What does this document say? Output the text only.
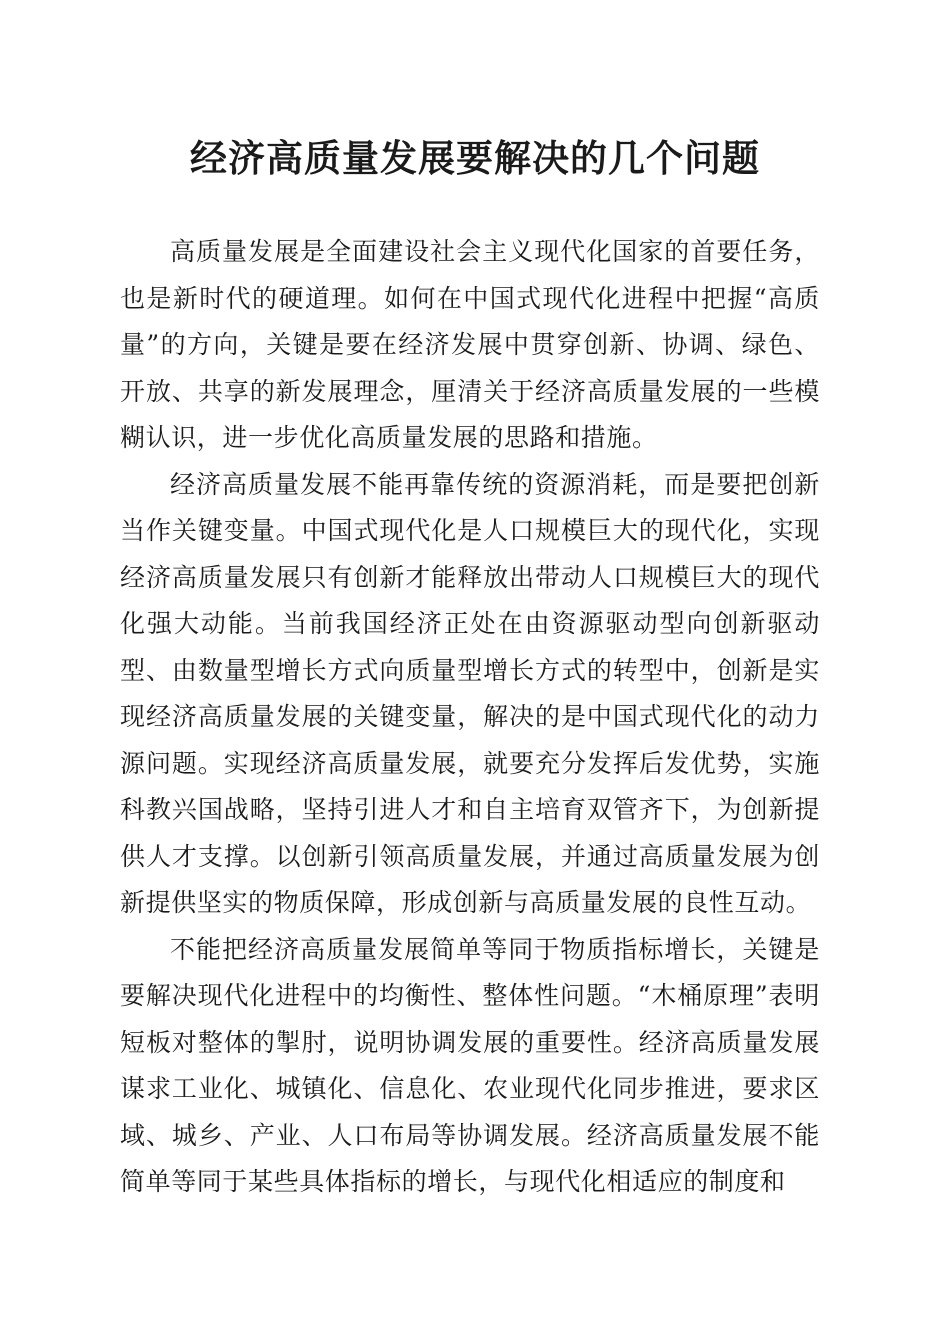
经济高质量发展要解决的几个问题

高质量发展是全面建设社会主义现代化国家的首要任务，也是新时代的硬道理。如何在中国式现代化进程中把握“高质量”的方向，关键是要在经济发展中贯穿创新、协调、绿色、开放、共享的新发展理念，厘清关于经济高质量发展的一些模糊认识，进一步优化高质量发展的思路和措施。

经济高质量发展不能再靠传统的资源消耗，而是要把创新当作关键变量。中国式现代化是人口规模巨大的现代化，实现经济高质量发展只有创新才能释放出带动人口规模巨大的现代化强大动能。当前我国经济正处在由资源驱动型向创新驱动型、由数量型增长方式向质量型增长方式的转型中，创新是实现经济高质量发展的关键变量，解决的是中国式现代化的动力源问题。实现经济高质量发展，就要充分发挥后发优势，实施科教兴国战略，坚持引进人才和自主培育双管齐下，为创新提供人才支撑。以创新引领高质量发展，并通过高质量发展为创新提供坚实的物质保障，形成创新与高质量发展的良性互动。

不能把经济高质量发展简单等同于物质指标增长，关键是要解决现代化进程中的均衡性、整体性问题。“木桶原理”表明短板对整体的掣肘，说明协调发展的重要性。经济高质量发展谋求工业化、城镇化、信息化、农业现代化同步推进，要求区域、城乡、产业、人口布局等协调发展。经济高质量发展不能简单等同于某些具体指标的增长，与现代化相适应的制度和
